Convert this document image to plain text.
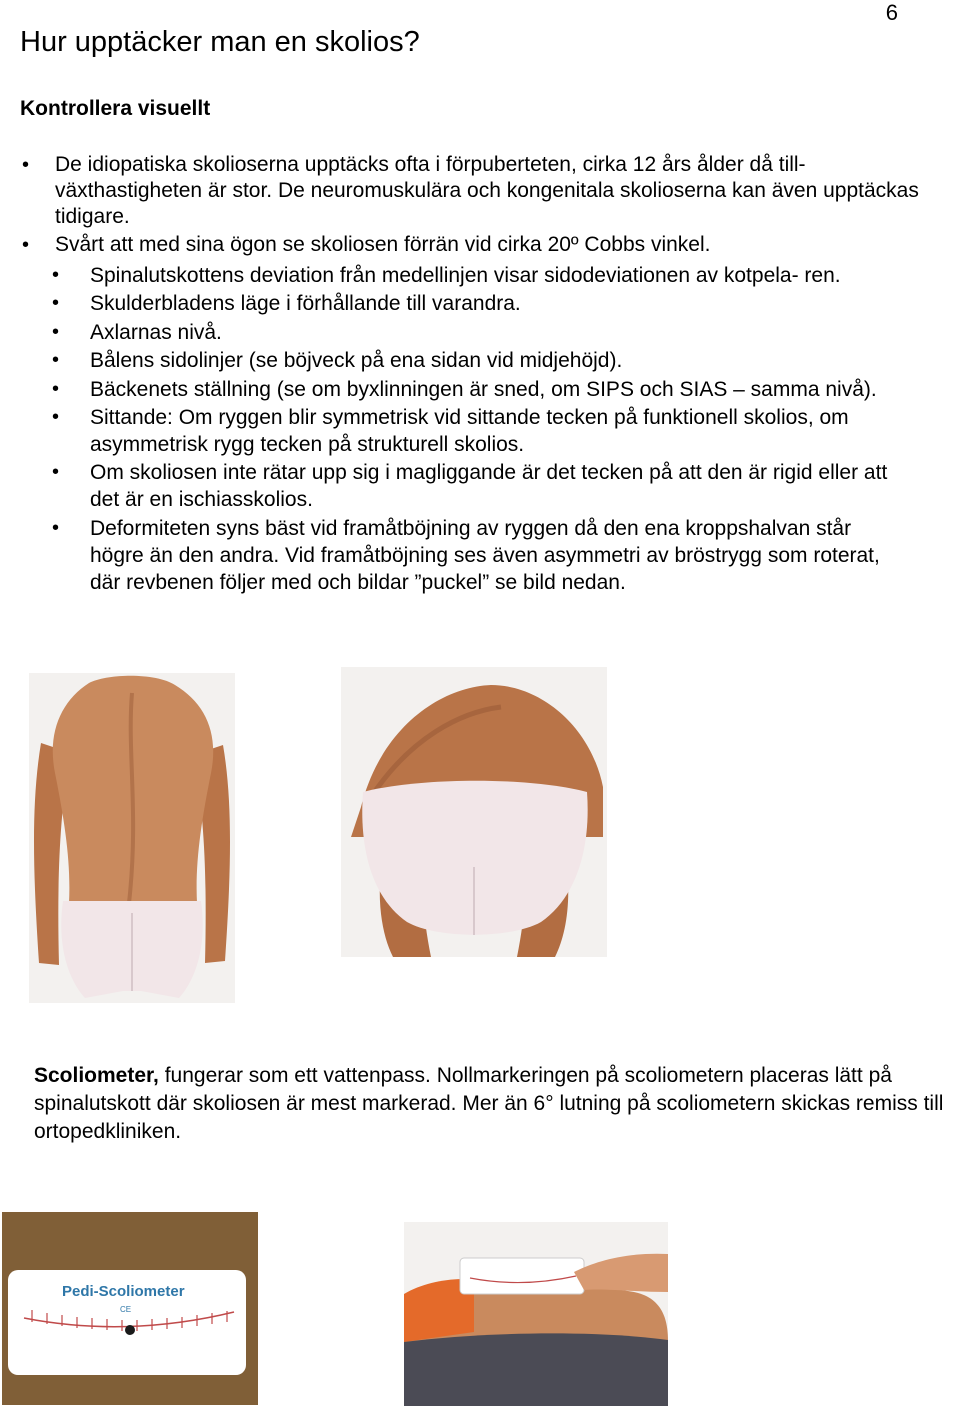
6
Hur upptäcker man en skolios?
Kontrollera visuellt
• De idiopatiska skolioserna upptäcks ofta i förpuberteten, cirka 12 års ålder då till- växthastigheten är stor. De neuromuskulära och kongenitala skolioserna kan även upptäckas tidigare.
• Svårt att med sina ögon se skoliosen förrän vid cirka 20º Cobbs vinkel.
• Spinalutskottens deviation från medellinjen visar sidodeviationen av kotpela- ren.
• Skulderbladens läge i förhållande till varandra.
• Axlarnas nivå.
• Bålens sidolinjer (se böjveck på ena sidan vid midjehöjd).
• Bäckenets ställning (se om byxlinningen är sned, om SIPS och SIAS – samma nivå).
• Sittande: Om ryggen blir symmetrisk vid sittande tecken på funktionell skolios, om asymmetrisk rygg tecken på strukturell skolios.
• Om skoliosen inte rätar upp sig i magliggande är det tecken på att den är rigid eller att det är en ischiasskolios.
• Deformiteten syns bäst vid framåtböjning av ryggen då den ena kroppshalvan står högre än den andra. Vid framåtböjning ses även asymmetri av bröstrygg som roterat, där revbenen följer med och bildar ”puckel” se bild nedan.

Scoliometer, fungerar som ett vattenpass. Nollmarkeringen på scoliometern placeras lätt på spinalutskott där skoliosen är mest markerad. Mer än 6° lutning på scoliometern skickas remiss till ortopedkliniken.

Pedi-Scoliometer
CE
